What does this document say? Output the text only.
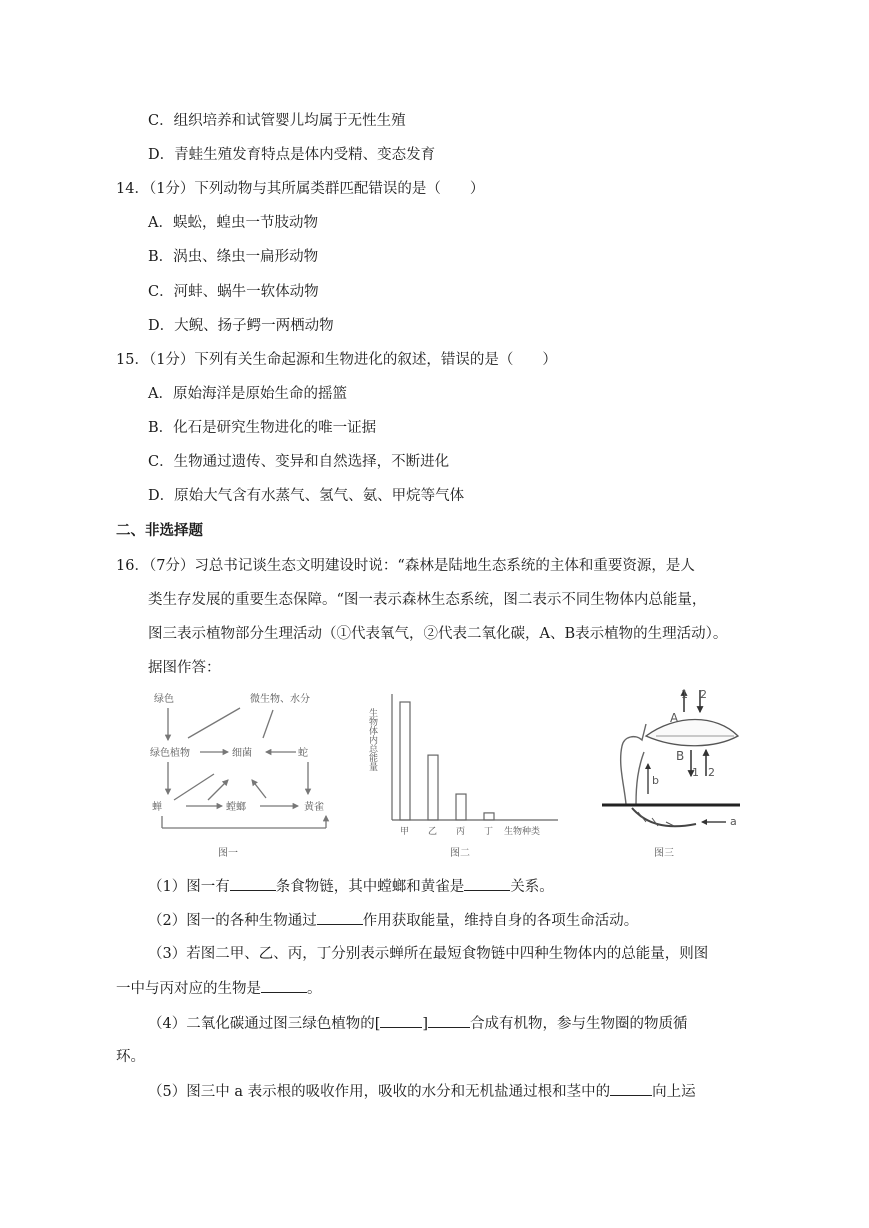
C．组织培养和试管婴儿均属于无性生殖
D．青蛙生殖发育特点是体内受精、变态发育
14．（1分）下列动物与其所属类群匹配错误的是（　　）
A．蜈蚣，蝗虫一节肢动物
B．涡虫、绦虫一扁形动物
C．河蚌、蜗牛一软体动物
D．大鲵、扬子鳄一两栖动物
15．（1分）下列有关生命起源和生物进化的叙述，错误的是（　　）
A．原始海洋是原始生命的摇篮
B．化石是研究生物进化的唯一证据
C．生物通过遗传、变异和自然选择，不断进化
D．原始大气含有水蒸气、氢气、氨、甲烷等气体
二、非选择题
16．（7分）习总书记谈生态文明建设时说：“森林是陆地生态系统的主体和重要资源，是人
类生存发展的重要生态保障。“图一表示森林生态系统，图二表示不同生物体内总能量，
图三表示植物部分生理活动（①代表氧气，②代表二氧化碳，A、B表示植物的生理活动）。
据图作答：
绿色	微生物、水分
绿色植物	细菌
蝉	螳螂	黄雀
蛇
图一
生物体内总能量
甲 乙 丙 丁 生物种类
图二
A
B
1 2
1 2
b
a
图三
（1）图一有	条食物链，其中螳螂和黄雀是	关系。
（2）图一的各种生物通过	作用获取能量，维持自身的各项生命活动。
（3）若图二甲、乙、丙，丁分别表示蝉所在最短食物链中四种生物体内的总能量，则图
一中与丙对应的生物是	。
（4）二氧化碳通过图三绿色植物的[	]	合成有机物，参与生物圈的物质循
环。
（5）图三中 a 表示根的吸收作用，吸收的水分和无机盐通过根和茎中的	向上运
